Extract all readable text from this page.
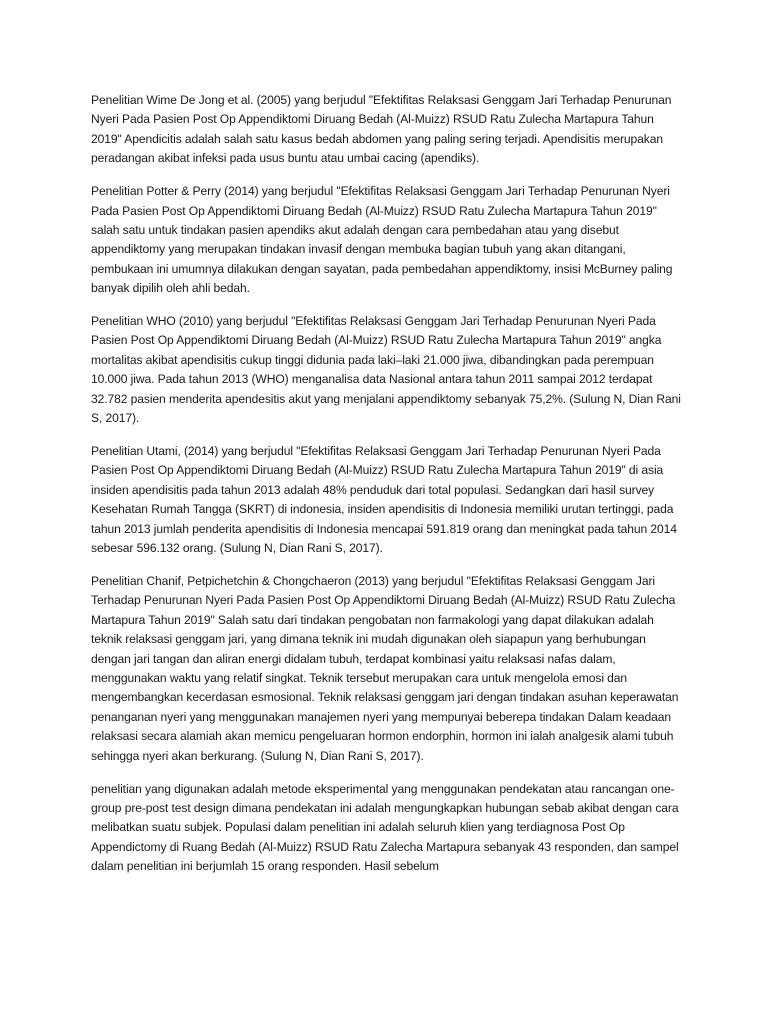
Penelitian Wime De Jong et al. (2005) yang berjudul "Efektifitas Relaksasi Genggam Jari Terhadap Penurunan Nyeri Pada Pasien Post Op Appendiktomi Diruang Bedah (Al-Muizz) RSUD Ratu Zulecha Martapura Tahun 2019" Apendicitis adalah salah satu kasus bedah abdomen yang paling sering terjadi. Apendisitis merupakan peradangan akibat infeksi pada usus buntu atau umbai cacing (apendiks).

Penelitian Potter & Perry (2014) yang berjudul "Efektifitas Relaksasi Genggam Jari Terhadap Penurunan Nyeri Pada Pasien Post Op Appendiktomi Diruang Bedah (Al-Muizz) RSUD Ratu Zulecha Martapura Tahun 2019" salah satu untuk tindakan pasien apendiks akut adalah dengan cara pembedahan atau yang disebut appendiktomy yang merupakan tindakan invasif dengan membuka bagian tubuh yang akan ditangani, pembukaan ini umumnya dilakukan dengan sayatan, pada pembedahan appendiktomy, insisi McBurney paling banyak dipilih oleh ahli bedah.

Penelitian WHO (2010) yang berjudul "Efektifitas Relaksasi Genggam Jari Terhadap Penurunan Nyeri Pada Pasien Post Op Appendiktomi Diruang Bedah (Al-Muizz) RSUD Ratu Zulecha Martapura Tahun 2019" angka mortalitas akibat apendisitis cukup tinggi didunia pada laki–laki 21.000 jiwa, dibandingkan pada perempuan 10.000 jiwa. Pada tahun 2013 (WHO) menganalisa data Nasional antara tahun 2011 sampai 2012 terdapat 32.782 pasien menderita apendesitis akut yang menjalani appendiktomy sebanyak 75,2%. (Sulung N, Dian Rani S, 2017).

Penelitian Utami, (2014) yang berjudul "Efektifitas Relaksasi Genggam Jari Terhadap Penurunan Nyeri Pada Pasien Post Op Appendiktomi Diruang Bedah (Al-Muizz) RSUD Ratu Zulecha Martapura Tahun 2019" di asia insiden apendisitis pada tahun 2013 adalah 48% penduduk dari total populasi. Sedangkan dari hasil survey Kesehatan Rumah Tangga (SKRT) di indonesia, insiden apendisitis di Indonesia memiliki urutan tertinggi, pada tahun 2013 jumlah penderita apendisitis di Indonesia mencapai 591.819 orang dan meningkat pada tahun 2014 sebesar 596.132 orang. (Sulung N, Dian Rani S, 2017).

Penelitian Chanif, Petpichetchin & Chongchaeron (2013) yang berjudul "Efektifitas Relaksasi Genggam Jari Terhadap Penurunan Nyeri Pada Pasien Post Op Appendiktomi Diruang Bedah (Al-Muizz) RSUD Ratu Zulecha Martapura Tahun 2019" Salah satu dari tindakan pengobatan non farmakologi yang dapat dilakukan adalah teknik relaksasi genggam jari, yang dimana teknik ini mudah digunakan oleh siapapun yang berhubungan dengan jari tangan dan aliran energi didalam tubuh, terdapat kombinasi yaitu relaksasi nafas dalam, menggunakan waktu yang relatif singkat. Teknik tersebut merupakan cara untuk mengelola emosi dan mengembangkan kecerdasan esmosional. Teknik relaksasi genggam jari dengan tindakan asuhan keperawatan penanganan nyeri yang menggunakan manajemen nyeri yang mempunyai beberepa tindakan Dalam keadaan relaksasi secara alamiah akan memicu pengeluaran hormon endorphin, hormon ini ialah analgesik alami tubuh sehingga nyeri akan berkurang. (Sulung N, Dian Rani S, 2017).

penelitian yang digunakan adalah metode eksperimental yang menggunakan pendekatan atau rancangan one-group pre-post test design dimana pendekatan ini adalah mengungkapkan hubungan sebab akibat dengan cara melibatkan suatu subjek. Populasi dalam penelitian ini adalah seluruh klien yang terdiagnosa Post Op Appendictomy di Ruang Bedah (Al-Muizz) RSUD Ratu Zalecha Martapura sebanyak 43 responden, dan sampel dalam penelitian ini berjumlah 15 orang responden. Hasil sebelum
